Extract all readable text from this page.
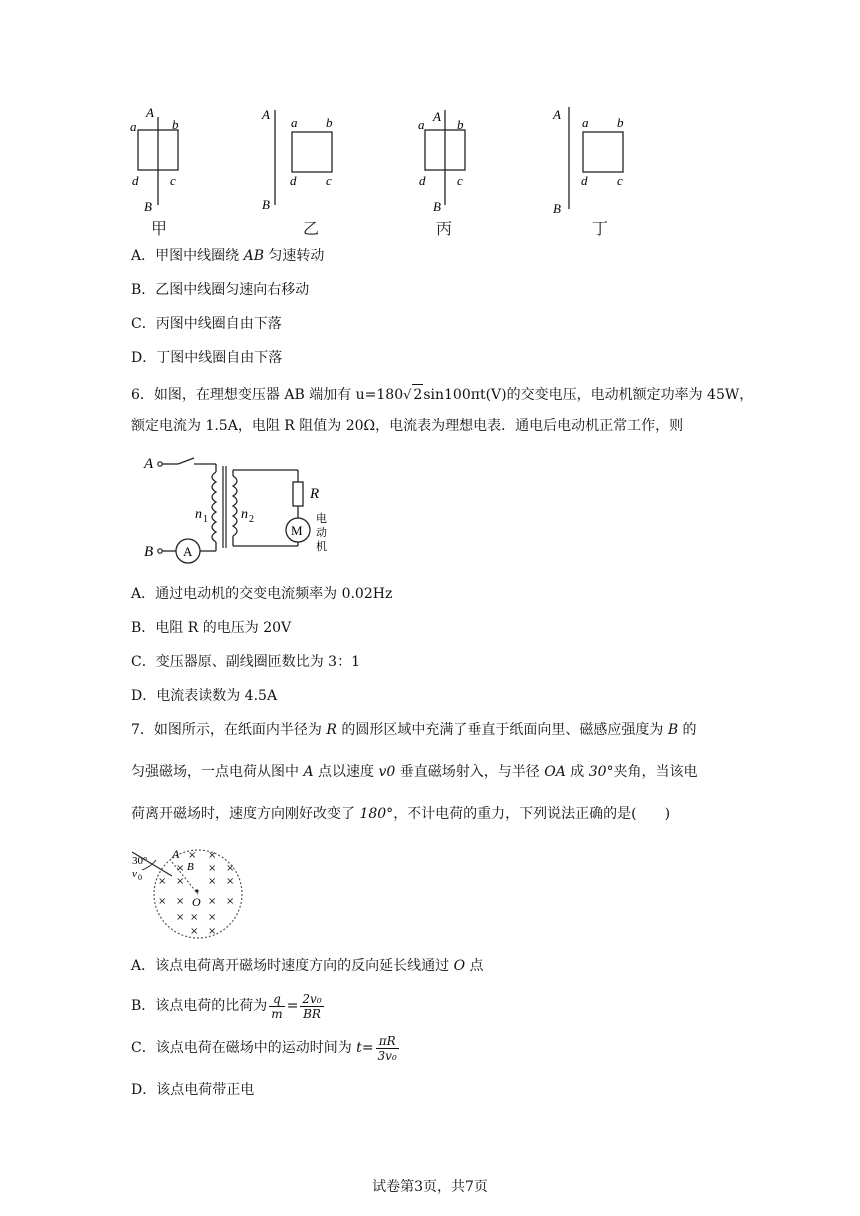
A
a	b
d c
B
甲
A
a b
d c
B
乙
A
a	b
d c
B
丙
A
a b
d c
B
丁
A．甲图中线圈绕 AB 匀速转动
B．乙图中线圈匀速向右移动
C．丙图中线圈自由下落
D．丁图中线圈自由下落
6．如图，在理想变压器 AB 端加有 u=180√ 2sin100πt(V)的交变电压，电动机额定功率为 45W，
额定电流为 1.5A，电阻 R 阻值为 20Ω，电流表为理想电表．通电后电动机正常工作，则
A
n 1 n 2
M
R
电
动
机
B A
A．通过电动机的交变电流频率为 0.02Hz
B．电阻 R 的电压为 20V
C．变压器原、副线圈匝数比为 3：1
D．电流表读数为 4.5A
7．如图所示，在纸面内半径为 R 的圆形区域中充满了垂直于纸面向里、磁感应强度为 B 的
匀强磁场，一点电荷从图中 A 点以速度 v0 垂直磁场射入，与半径 OA 成 30°夹角，当该电
荷离开磁场时，速度方向刚好改变了 180°，不计电荷的重力，下列说法正确的是(　　)
30°
v 0
A
B
O
× ×
× × ×
× × × ×
× × × ×
× × ×
× ×
A．该点电荷离开磁场时速度方向的反向延长线通过 O 点
B．该点电荷的比荷为 $\frac{q}{m} = \frac{\text{2v₀}}{BR}$
C．该点电荷在磁场中的运动时间为 $t= \frac{\pi R}{\text{3v₀}}$
D．该点电荷带正电
试卷第3页，共7页
